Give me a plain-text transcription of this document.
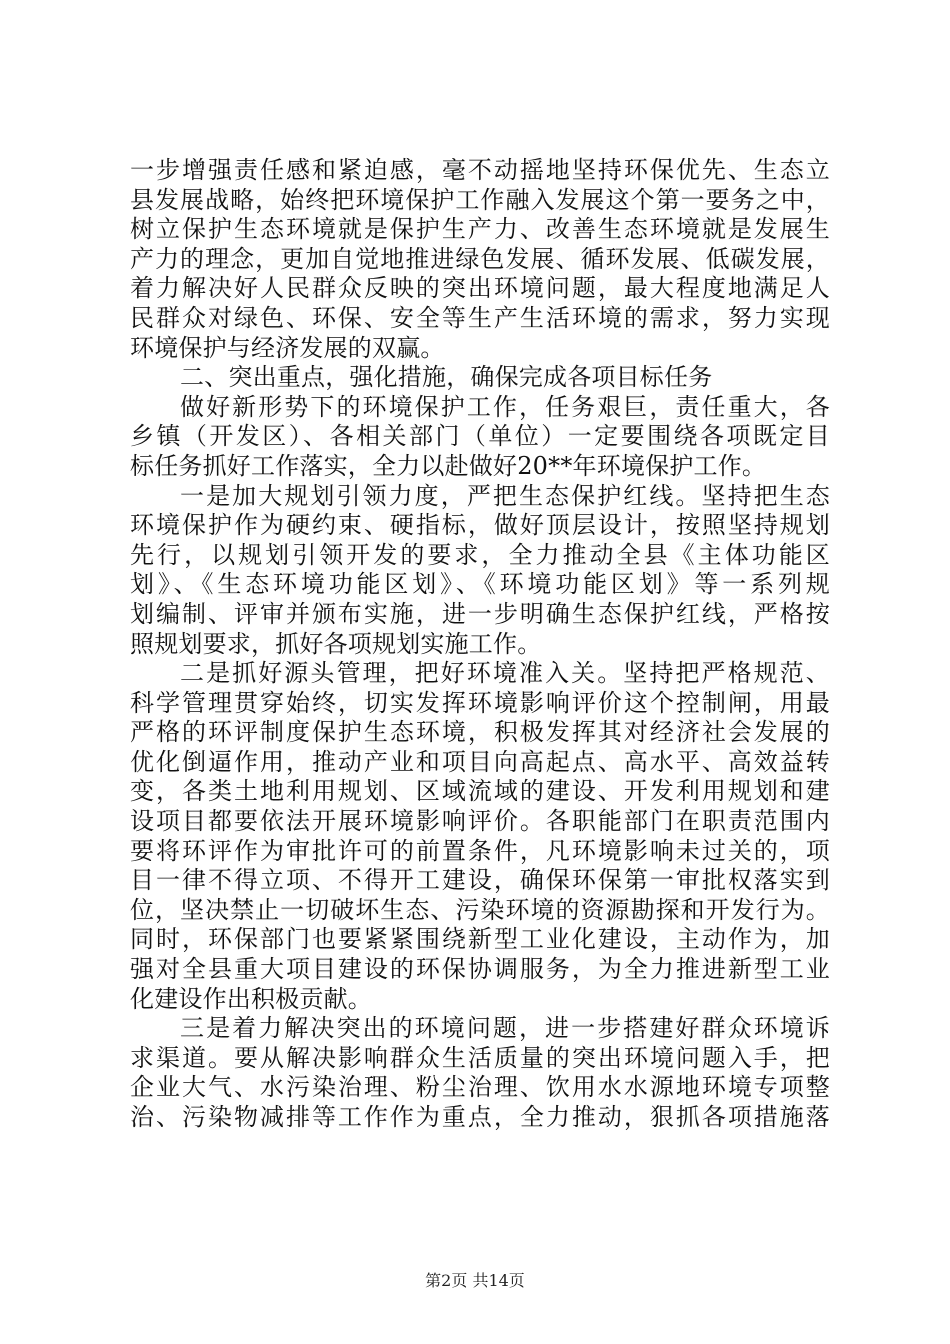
一步增强责任感和紧迫感，毫不动摇地坚持环保优先、生态立
县发展战略，始终把环境保护工作融入发展这个第一要务之中，
树立保护生态环境就是保护生产力、改善生态环境就是发展生
产力的理念，更加自觉地推进绿色发展、循环发展、低碳发展，
着力解决好人民群众反映的突出环境问题，最大程度地满足人
民群众对绿色、环保、安全等生产生活环境的需求，努力实现
环境保护与经济发展的双赢。
二、突出重点，强化措施，确保完成各项目标任务
做好新形势下的环境保护工作，任务艰巨，责任重大，各
乡镇（开发区）、各相关部门（单位）一定要围绕各项既定目
标任务抓好工作落实，全力以赴做好20**年环境保护工作。
一是加大规划引领力度，严把生态保护红线。坚持把生态
环境保护作为硬约束、硬指标，做好顶层设计，按照坚持规划
先行，以规划引领开发的要求，全力推动全县《主体功能区
划》、《生态环境功能区划》、《环境功能区划》等一系列规
划编制、评审并颁布实施，进一步明确生态保护红线，严格按
照规划要求，抓好各项规划实施工作。
二是抓好源头管理，把好环境准入关。坚持把严格规范、
科学管理贯穿始终，切实发挥环境影响评价这个控制闸，用最
严格的环评制度保护生态环境，积极发挥其对经济社会发展的
优化倒逼作用，推动产业和项目向高起点、高水平、高效益转
变，各类土地利用规划、区域流域的建设、开发利用规划和建
设项目都要依法开展环境影响评价。各职能部门在职责范围内
要将环评作为审批许可的前置条件，凡环境影响未过关的，项
目一律不得立项、不得开工建设，确保环保第一审批权落实到
位，坚决禁止一切破坏生态、污染环境的资源勘探和开发行为。
同时，环保部门也要紧紧围绕新型工业化建设，主动作为，加
强对全县重大项目建设的环保协调服务，为全力推进新型工业
化建设作出积极贡献。
三是着力解决突出的环境问题，进一步搭建好群众环境诉
求渠道。要从解决影响群众生活质量的突出环境问题入手，把
企业大气、水污染治理、粉尘治理、饮用水水源地环境专项整
治、污染物减排等工作作为重点，全力推动，狠抓各项措施落
第2页 共14页
